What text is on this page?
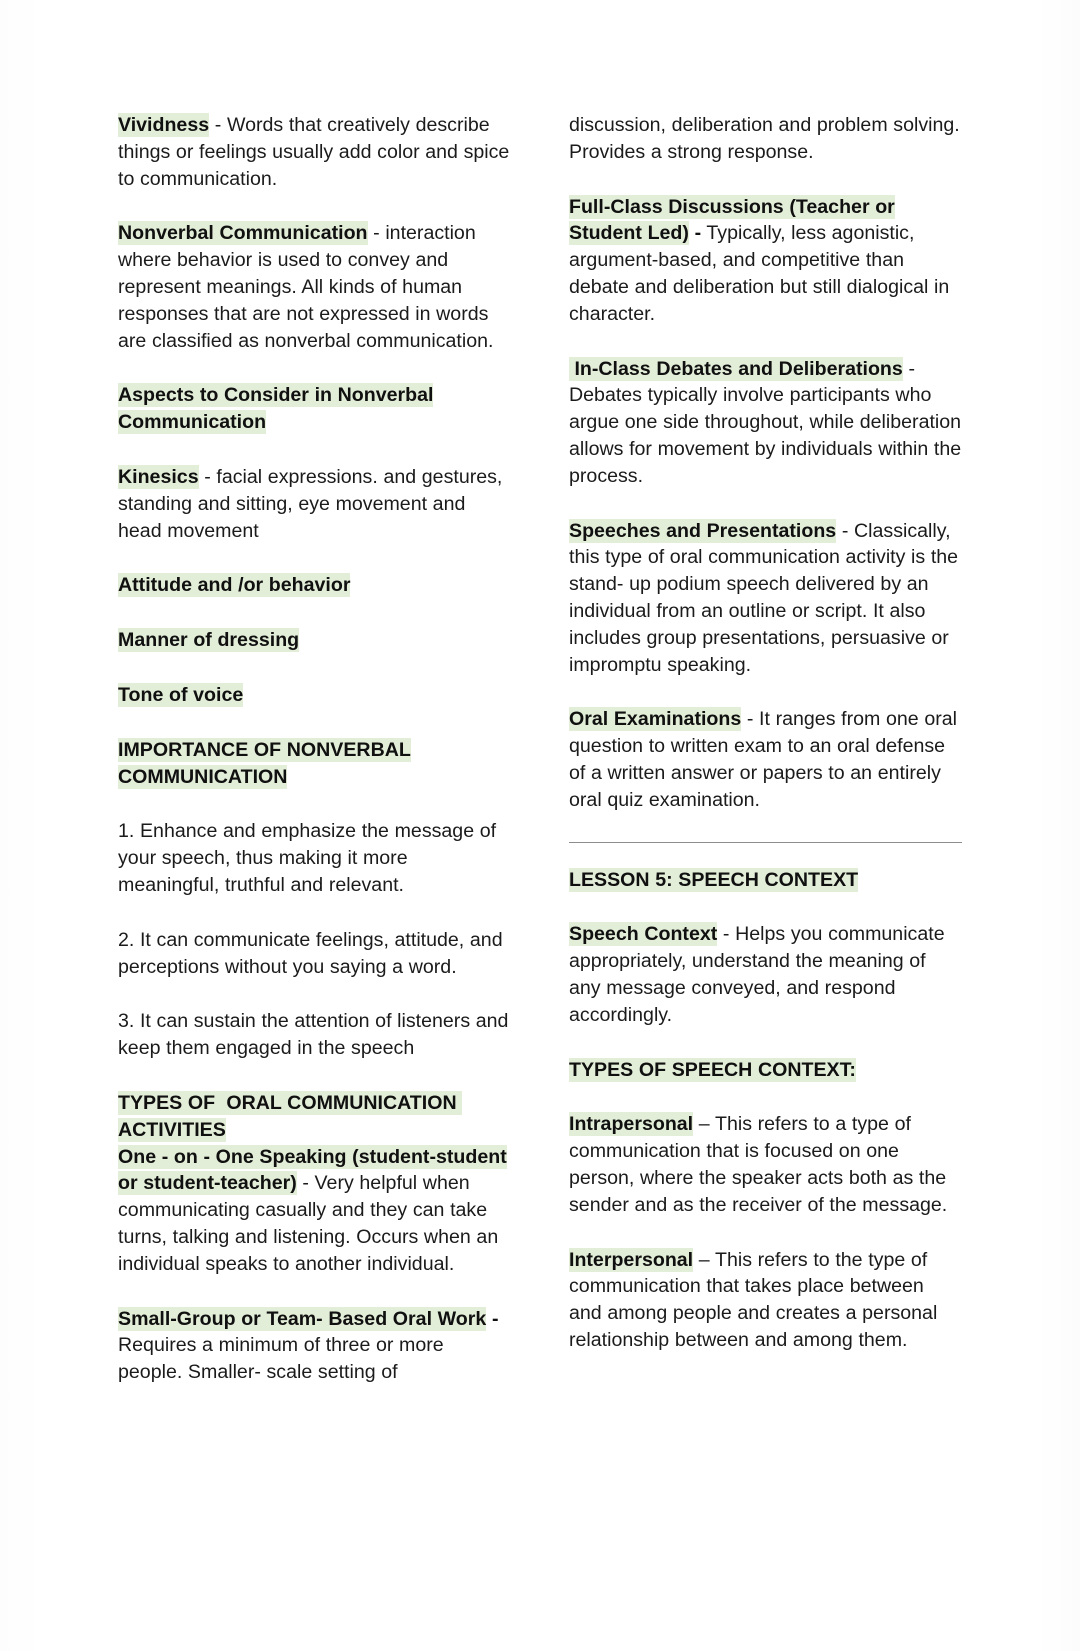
Vividness - Words that creatively describe things or feelings usually add color and spice to communication.

Nonverbal Communication - interaction where behavior is used to convey and represent meanings. All kinds of human responses that are not expressed in words are classified as nonverbal communication.

Aspects to Consider in Nonverbal Communication

Kinesics - facial expressions. and gestures, standing and sitting, eye movement and head movement

Attitude and /or behavior

Manner of dressing

Tone of voice

IMPORTANCE OF NONVERBAL COMMUNICATION

1. Enhance and emphasize the message of your speech, thus making it more meaningful, truthful and relevant.

2. It can communicate feelings, attitude, and perceptions without you saying a word.

3. It can sustain the attention of listeners and keep them engaged in the speech

TYPES OF  ORAL COMMUNICATION ACTIVITIES

One - on - One Speaking (student-student or student-teacher) - Very helpful when communicating casually and they can take turns, talking and listening. Occurs when an individual speaks to another individual.

Small-Group or Team- Based Oral Work - Requires a minimum of three or more people. Smaller- scale setting of

discussion, deliberation and problem solving. Provides a strong response.

Full-Class Discussions (Teacher or Student Led) - Typically, less agonistic, argument-based, and competitive than debate and deliberation but still dialogical in character.

In-Class Debates and Deliberations - Debates typically involve participants who argue one side throughout, while deliberation allows for movement by individuals within the process.

Speeches and Presentations - Classically, this type of oral communication activity is the stand- up podium speech delivered by an individual from an outline or script. It also includes group presentations, persuasive or impromptu speaking.

Oral Examinations - It ranges from one oral question to written exam to an oral defense of a written answer or papers to an entirely oral quiz examination.

LESSON 5: SPEECH CONTEXT

Speech Context - Helps you communicate appropriately, understand the meaning of any message conveyed, and respond accordingly.

TYPES OF SPEECH CONTEXT:

Intrapersonal – This refers to a type of communication that is focused on one person, where the speaker acts both as the sender and as the receiver of the message.

Interpersonal – This refers to the type of communication that takes place between and among people and creates a personal relationship between and among them.
